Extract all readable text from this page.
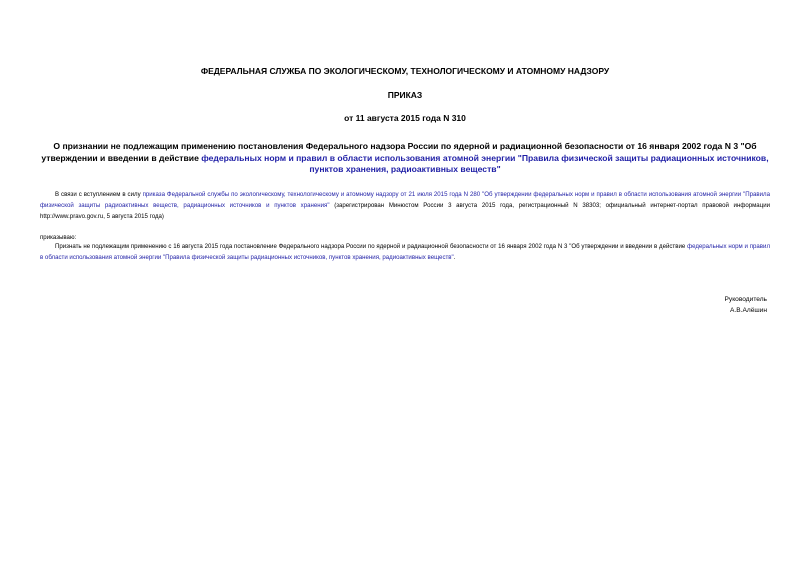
ФЕДЕРАЛЬНАЯ СЛУЖБА ПО ЭКОЛОГИЧЕСКОМУ, ТЕХНОЛОГИЧЕСКОМУ И АТОМНОМУ НАДЗОРУ
ПРИКАЗ
от 11 августа 2015 года N 310
О признании не подлежащим применению постановления Федерального надзора России по ядерной и радиационной безопасности от 16 января 2002 года N 3 "Об утверждении и введении в действие федеральных норм и правил в области использования атомной энергии "Правила физической защиты радиационных источников, пунктов хранения, радиоактивных веществ"
В связи с вступлением в силу приказа Федеральной службы по экологическому, технологическому и атомному надзору от 21 июля 2015 года N 280 "Об утверждении федеральных норм и правил в области использования атомной энергии "Правила физической защиты радиоактивных веществ, радиационных источников и пунктов хранения" (зарегистрирован Минюстом России 3 августа 2015 года, регистрационный N 38303; официальный интернет-портал правовой информации http://www.pravo.gov.ru, 5 августа 2015 года)
приказываю:
Признать не подлежащим применению с 16 августа 2015 года постановление Федерального надзора России по ядерной и радиационной безопасности от 16 января 2002 года N 3 "Об утверждении и введении в действие федеральных норм и правил в области использования атомной энергии "Правила физической защиты радиационных источников, пунктов хранения, радиоактивных веществ".
Руководитель
А.В.Алёшин
